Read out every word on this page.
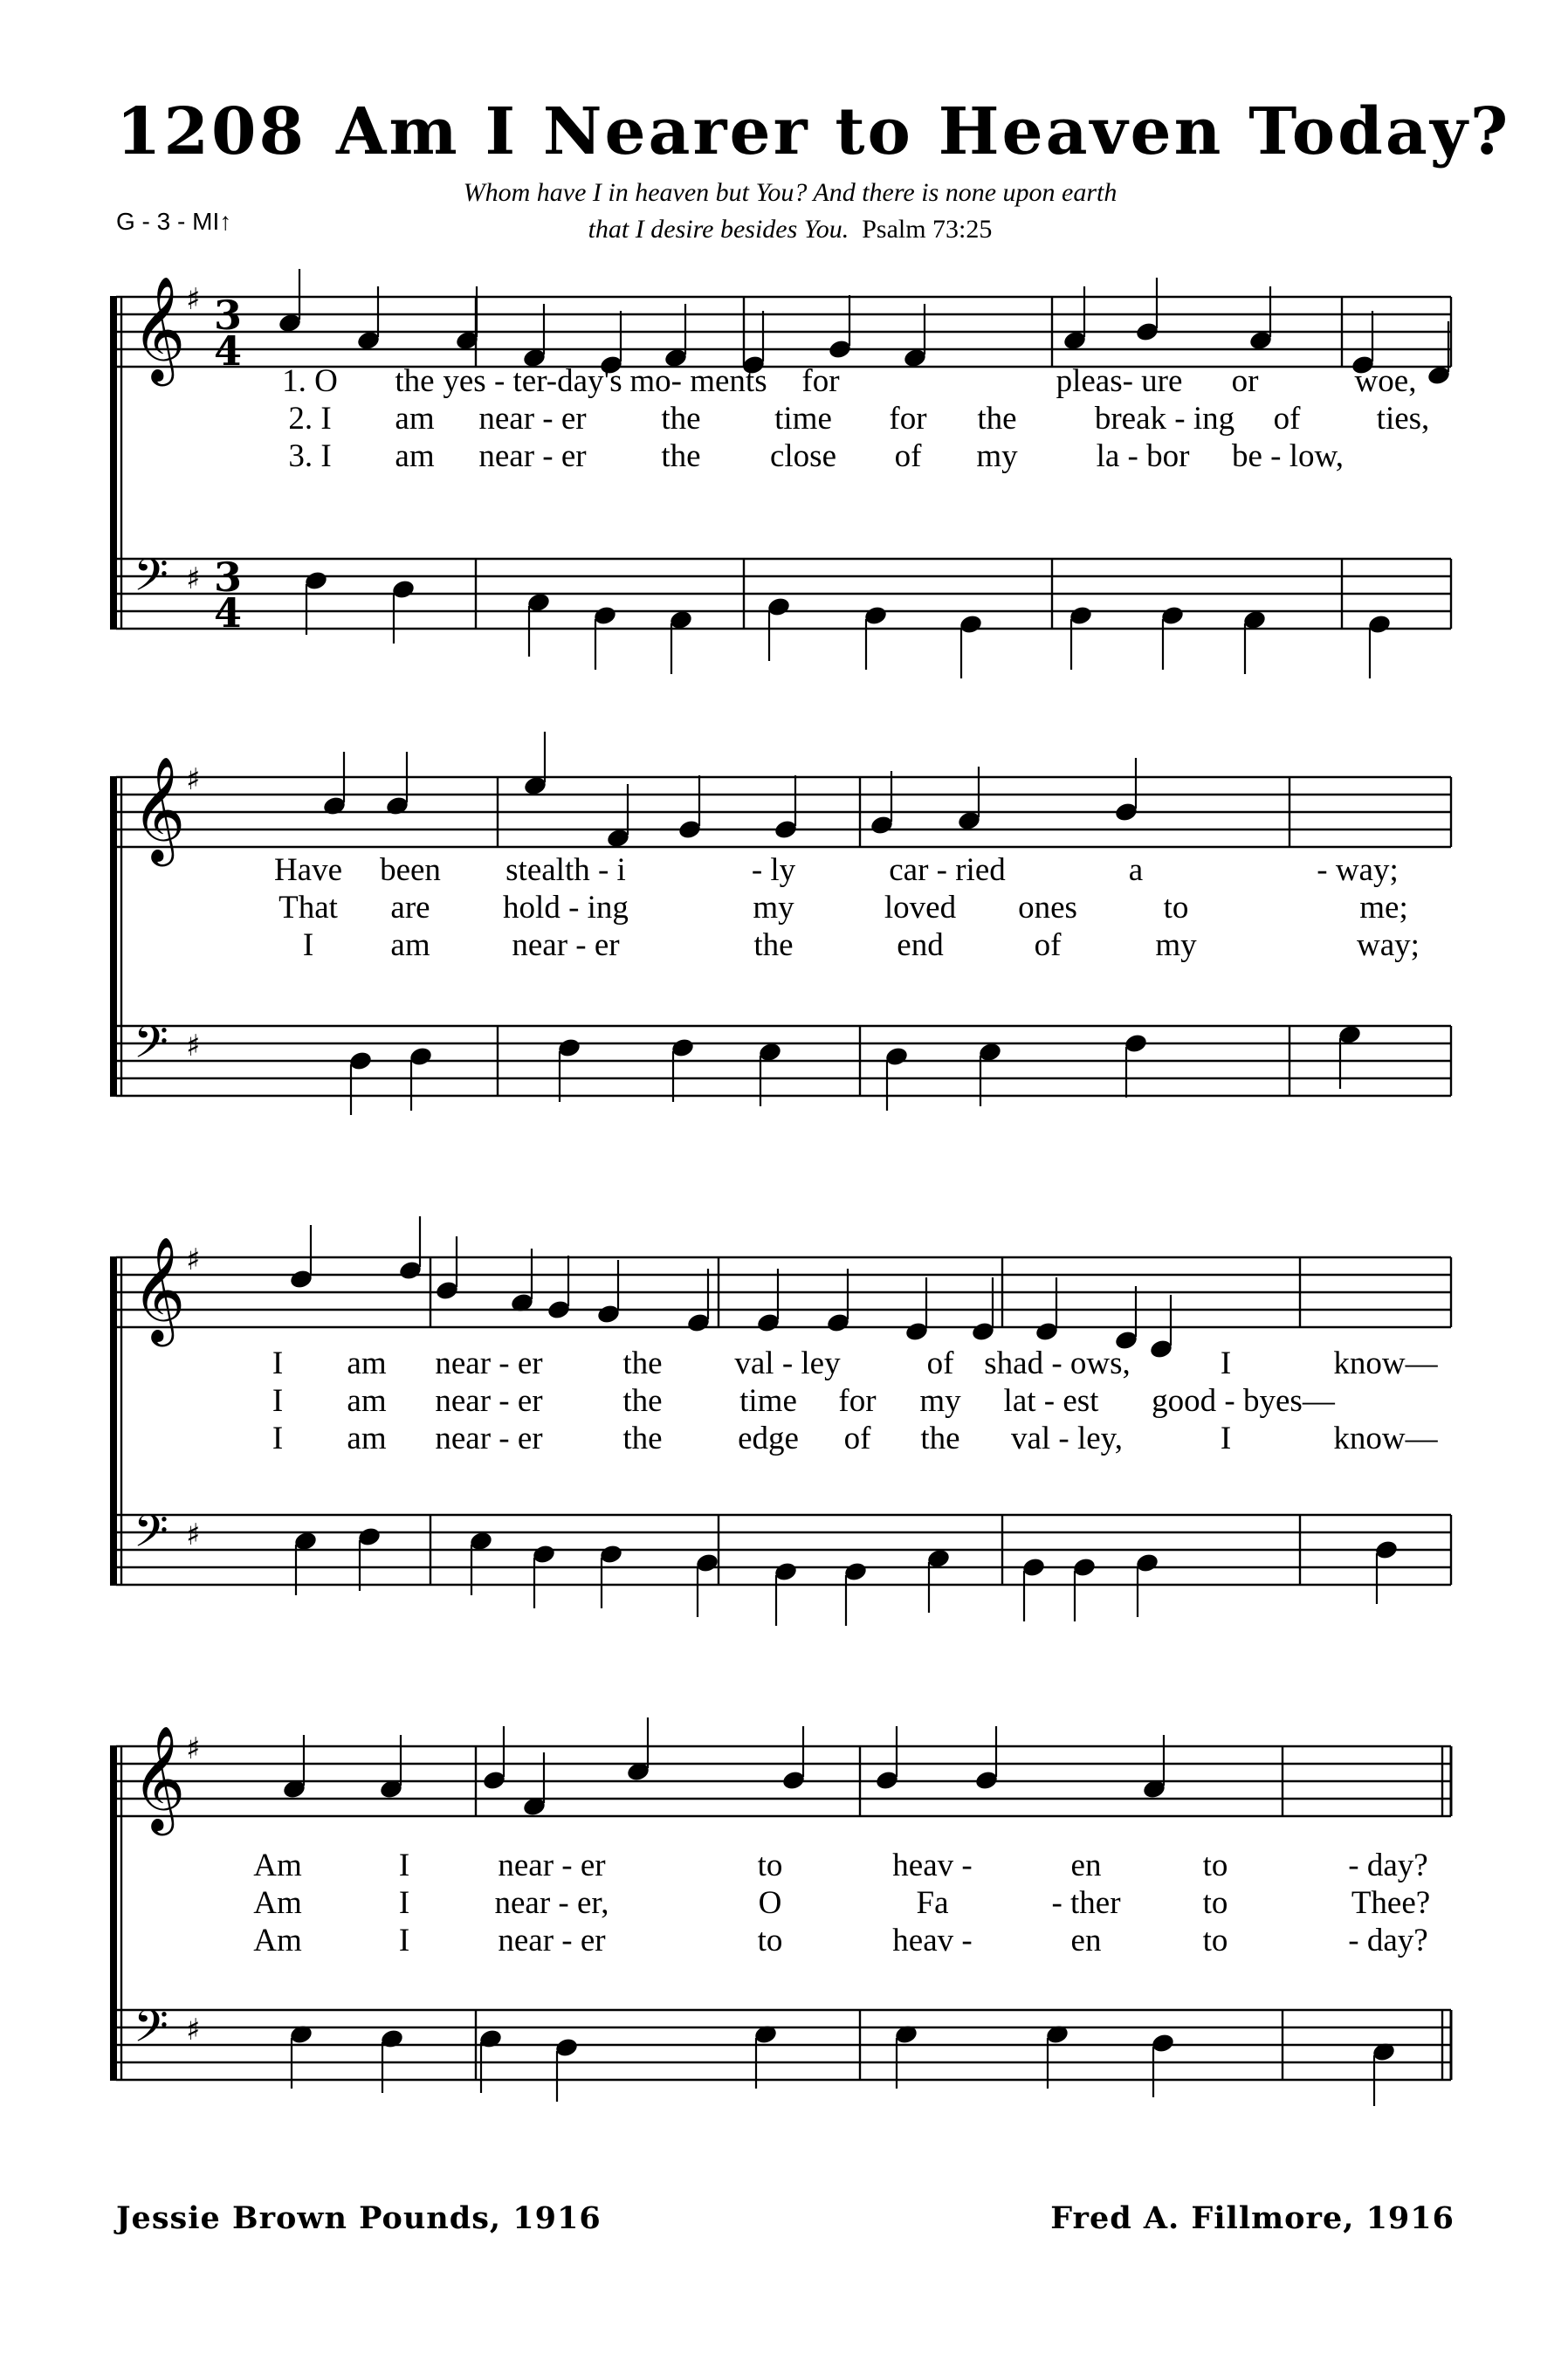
1208 Am I Nearer to Heaven Today?
G - 3 - MI↑
Whom have I in heaven but You? And there is none upon earth
that I desire besides You. Psalm 73:25
𝄞
𝄢
♯
♯
3
4
3
4
𝄞
𝄢
♯
♯
𝄞
𝄢
♯
♯
𝄞
𝄢
♯
♯
1. O the yes - ter-day's mo- ments for	pleas- ure or	woe,
2. I am near - er the time for the break - ing of ties,
3. I am near - er the close of my la - bor be - low,
Have been stealth - i	- ly	car - ried	a	- way;
That are hold - ing	my	loved ones	to	me;
I am	near - er	the	end	of	my	way;
I am near - er the val - ley	of shad - ows,	I	know—
I am near - er the time for my lat - est good - byes—
I am near - er the edge of the val - ley,	I	know—
Am	I	near - er	to	heav -	en	to	- day?
Am	I	near - er,	O	Fa	- ther	to	Thee?
Am	I	near - er	to	heav -	en	to	- day?
Jessie Brown Pounds, 1916	Fred A. Fillmore, 1916
